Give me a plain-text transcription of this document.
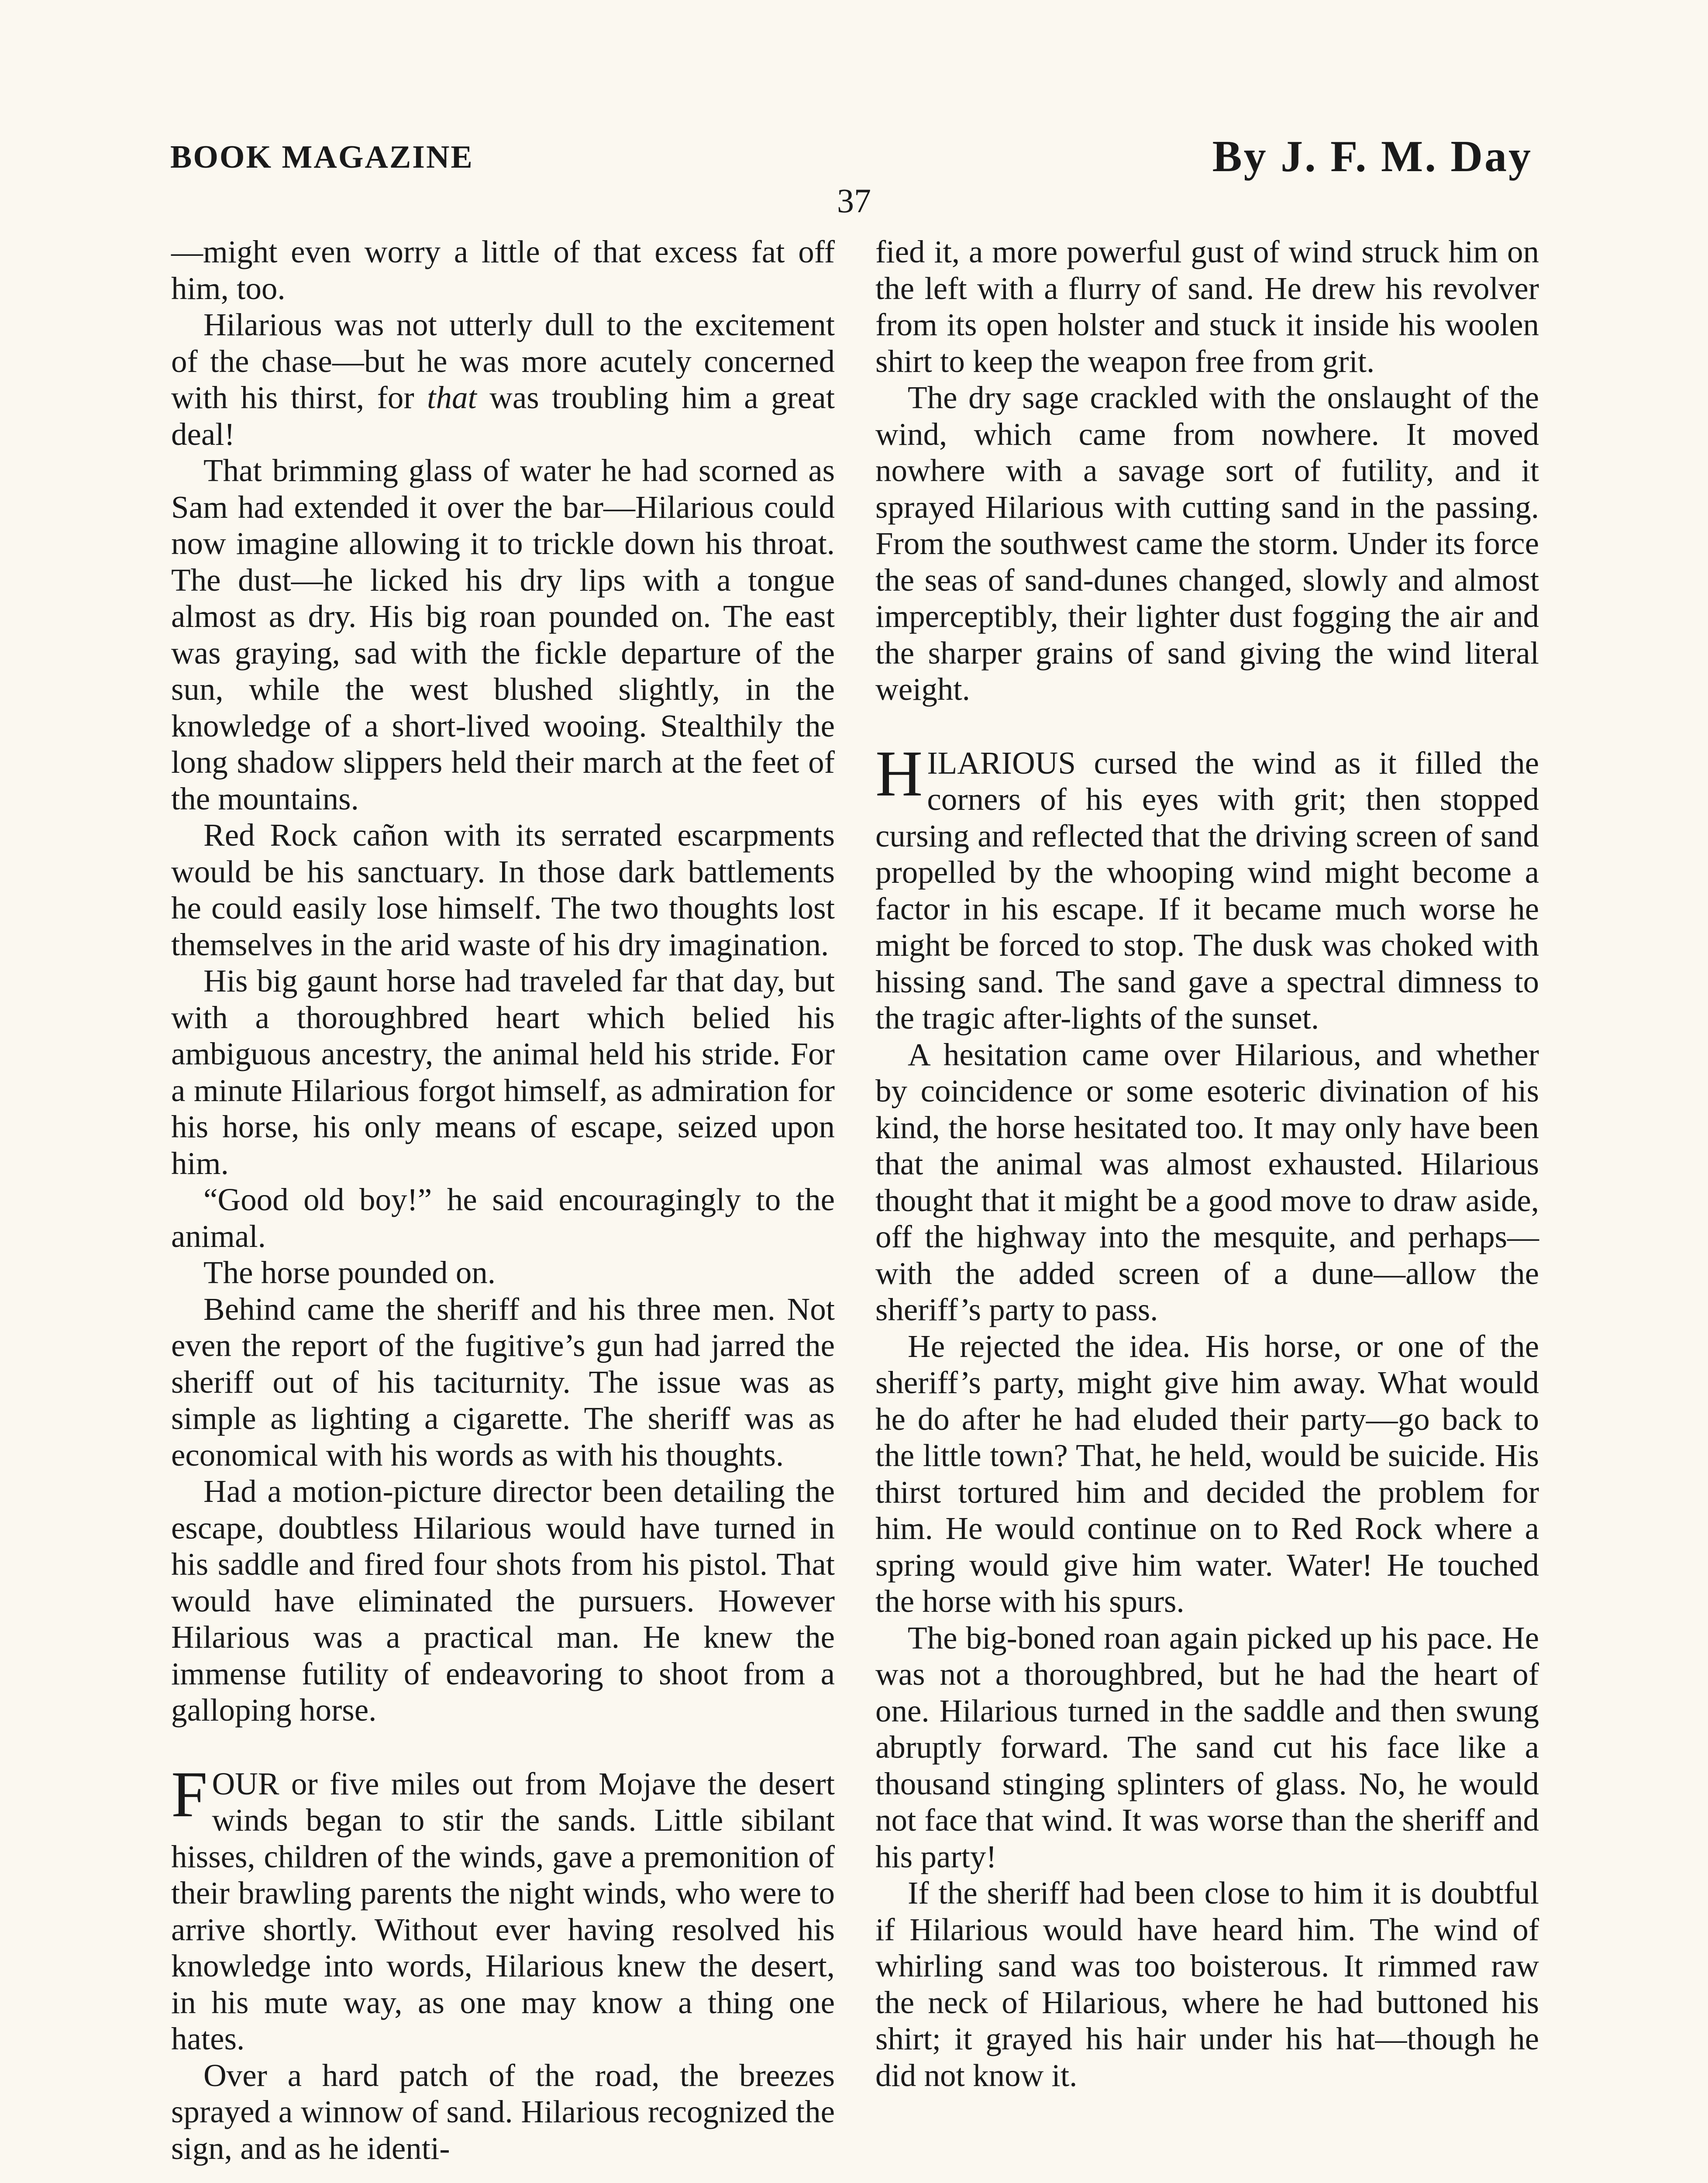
BOOK MAGAZINE	By J. F. M. Day
37

—might even worry a little of that excess fat off him, too.

Hilarious was not utterly dull to the excitement of the chase—but he was more acutely concerned with his thirst, for that was troubling him a great deal!

That brimming glass of water he had scorned as Sam had extended it over the bar—Hilarious could now imagine allowing it to trickle down his throat. The dust—he licked his dry lips with a tongue almost as dry. His big roan pounded on. The east was graying, sad with the fickle departure of the sun, while the west blushed slightly, in the knowledge of a short-lived wooing. Stealthily the long shadow slippers held their march at the feet of the mountains.

Red Rock cañon with its serrated escarpments would be his sanctuary. In those dark battlements he could easily lose himself. The two thoughts lost themselves in the arid waste of his dry imagination.

His big gaunt horse had traveled far that day, but with a thoroughbred heart which belied his ambiguous ancestry, the animal held his stride. For a minute Hilarious forgot himself, as admiration for his horse, his only means of escape, seized upon him.

“Good old boy!” he said encouragingly to the animal.

The horse pounded on.

Behind came the sheriff and his three men. Not even the report of the fugitive’s gun had jarred the sheriff out of his taciturnity. The issue was as simple as lighting a cigarette. The sheriff was as economical with his words as with his thoughts.

Had a motion-picture director been detailing the escape, doubtless Hilarious would have turned in his saddle and fired four shots from his pistol. That would have eliminated the pursuers. However Hilarious was a practical man. He knew the immense futility of endeavoring to shoot from a galloping horse.

FOUR or five miles out from Mojave the desert winds began to stir the sands. Little sibilant hisses, children of the winds, gave a premonition of their brawling parents the night winds, who were to arrive shortly. Without ever having resolved his knowledge into words, Hilarious knew the desert, in his mute way, as one may know a thing one hates.

Over a hard patch of the road, the breezes sprayed a winnow of sand. Hilarious recognized the sign, and as he identi-

fied it, a more powerful gust of wind struck him on the left with a flurry of sand. He drew his revolver from its open holster and stuck it inside his woolen shirt to keep the weapon free from grit.

The dry sage crackled with the onslaught of the wind, which came from nowhere. It moved nowhere with a savage sort of futility, and it sprayed Hilarious with cutting sand in the passing. From the southwest came the storm. Under its force the seas of sand-dunes changed, slowly and almost imperceptibly, their lighter dust fogging the air and the sharper grains of sand giving the wind literal weight.

HILARIOUS cursed the wind as it filled the corners of his eyes with grit; then stopped cursing and reflected that the driving screen of sand propelled by the whooping wind might become a factor in his escape. If it became much worse he might be forced to stop. The dusk was choked with hissing sand. The sand gave a spectral dimness to the tragic after-lights of the sunset.

A hesitation came over Hilarious, and whether by coincidence or some esoteric divination of his kind, the horse hesitated too. It may only have been that the animal was almost exhausted. Hilarious thought that it might be a good move to draw aside, off the highway into the mesquite, and perhaps—with the added screen of a dune—allow the sheriff’s party to pass.

He rejected the idea. His horse, or one of the sheriff’s party, might give him away. What would he do after he had eluded their party—go back to the little town? That, he held, would be suicide. His thirst tortured him and decided the problem for him. He would continue on to Red Rock where a spring would give him water. Water! He touched the horse with his spurs.

The big-boned roan again picked up his pace. He was not a thoroughbred, but he had the heart of one. Hilarious turned in the saddle and then swung abruptly forward. The sand cut his face like a thousand stinging splinters of glass. No, he would not face that wind. It was worse than the sheriff and his party!

If the sheriff had been close to him it is doubtful if Hilarious would have heard him. The wind of whirling sand was too boisterous. It rimmed raw the neck of Hilarious, where he had buttoned his shirt; it grayed his hair under his hat—though he did not know it.
